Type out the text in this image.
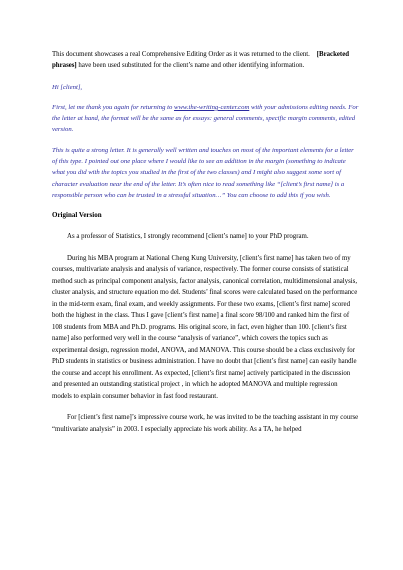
This document showcases a real Comprehensive Editing Order as it was returned to the client. [Bracketed phrases] have been used substituted for the client’s name and other identifying information.

Hi [client],

First, let me thank you again for returning to www.the-writing-center.com with your admissions editing needs. For the letter at hand, the format will be the same as for essays: general comments, specific margin comments, edited version.

This is quite a strong letter. It is generally well written and touches on most of the important elements for a letter of this type. I pointed out one place where I would like to see an addition in the margin (something to indicate what you did with the topics you studied in the first of the two classes) and I might also suggest some sort of character evaluation near the end of the letter. It’s often nice to read something like “[client’s first name] is a responsible person who can be trusted in a stressful situation…” You can choose to add this if you wish.

Original Version

As a professor of Statistics, I strongly recommend [client’s name] to your PhD program.

During his MBA program at National Cheng Kung University, [client’s first name] has taken two of my courses, multivariate analysis and analysis of variance, respectively. The former course consists of statistical method such as principal component analysis, factor analysis, canonical correlation, multidimensional analysis, cluster analysis, and structure equation mo del. Students’ final scores were calculated based on the performance in the mid-term exam, final exam, and weekly assignments. For these two exams, [client’s first name] scored both the highest in the class. Thus I gave [client’s first name] a final score 98/100 and ranked him the first of 108 students from MBA and Ph.D. programs. His original score, in fact, even higher than 100. [client’s first name] also performed very well in the course “analysis of variance”, which covers the topics such as experimental design, regression model, ANOVA, and MANOVA. This course should be a class exclusively for PhD students in statistics or business administration. I have no doubt that [client’s first name] can easily handle the course and accept his enrollment. As expected, [client’s first name] actively participated in the discussion and presented an outstanding statistical project , in which he adopted MANOVA and multiple regression models to explain consumer behavior in fast food restaurant.

For [client’s first name]’s impressive course work, he was invited to be the teaching assistant in my course “multivariate analysis” in 2003. I especially appreciate his work ability. As a TA, he helped
